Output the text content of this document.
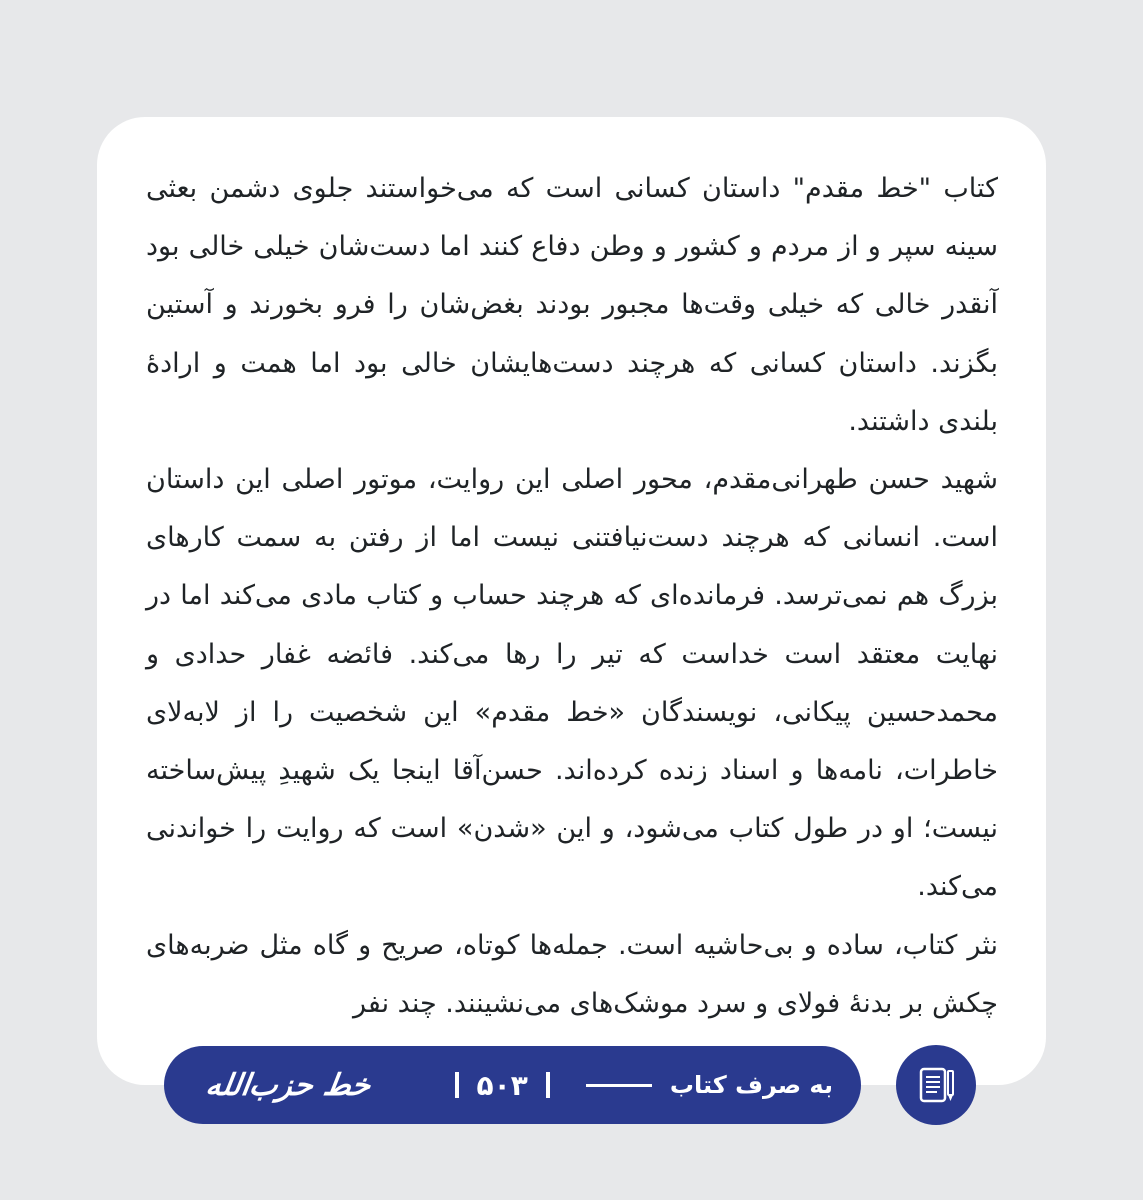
کتاب "خط مقدم" داستان کسانی است که می‌خواستند جلوی دشمن بعثی سینه سپر و از مردم و کشور و وطن دفاع کنند اما دست‌شان خیلی خالی بود آنقدر خالی که خیلی وقت‌ها مجبور بودند بغض‌شان را فرو بخورند و آستین بگزند. داستان کسانی که هرچند دست‌هایشان خالی بود اما همت و ارادۀ بلندی داشتند.

شهید حسن طهرانی‌مقدم، محور اصلی این روایت، موتور اصلی این داستان است. انسانی که هرچند دست‌نیافتنی نیست اما از رفتن به سمت کارهای بزرگ هم نمی‌ترسد. فرمانده‌ای که هرچند حساب و کتاب مادی می‌کند اما در نهایت معتقد است خداست که تیر را رها می‌کند. فائضه غفار حدادی و محمدحسین پیکانی، نویسندگان «خط مقدم» این شخصیت را از لابه‌لای خاطرات، نامه‌ها و اسناد زنده کرده‌اند. حسن‌آقا اینجا یک شهیدِ پیش‌ساخته نیست؛ او در طول کتاب می‌شود، و این «شدن» است که روایت را خواندنی می‌کند.

نثر کتاب، ساده و بی‌حاشیه است. جمله‌ها کوتاه، صریح و گاه مثل ضربه‌های چکش بر بدنۀ فولای و سرد موشک‌های می‌نشینند. چند نفر

به صرف کتاب
۵۰۳
خط حزب‌الله
